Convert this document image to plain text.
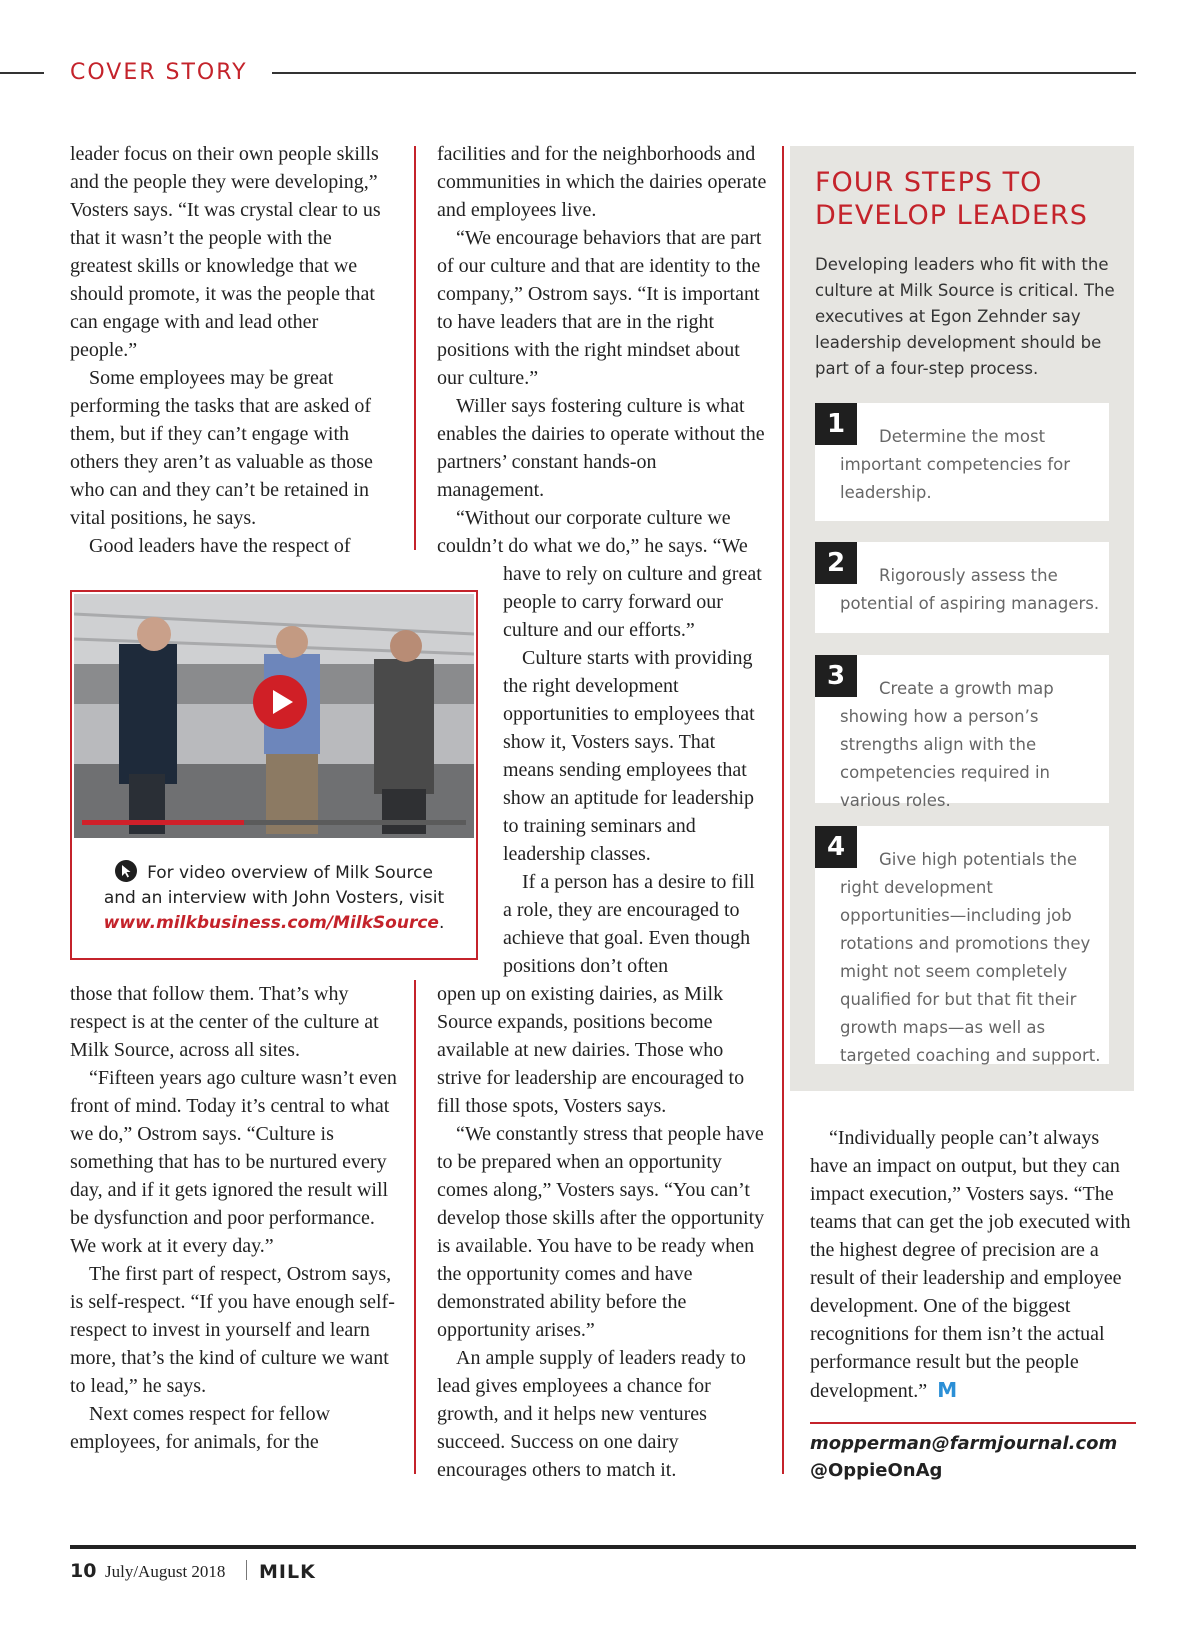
COVER STORY

leader focus on their own people skills and the people they were developing,” Vosters says. “It was crystal clear to us that it wasn’t the people with the greatest skills or knowledge that we should promote, it was the people that can engage with and lead other people.”

Some employees may be great performing the tasks that are asked of them, but if they can’t engage with others they aren’t as valuable as those who can and they can’t be retained in vital positions, he says.

Good leaders have the respect of

For video overview of Milk Source
and an interview with John Vosters, visit
www.milkbusiness.com/MilkSource.

those that follow them. That’s why respect is at the center of the culture at Milk Source, across all sites.

“Fifteen years ago culture wasn’t even front of mind. Today it’s central to what we do,” Ostrom says. “Culture is something that has to be nurtured every day, and if it gets ignored the result will be dysfunction and poor performance. We work at it every day.”

The first part of respect, Ostrom says, is self-respect. “If you have enough self-respect to invest in yourself and learn more, that’s the kind of culture we want to lead,” he says.

Next comes respect for fellow employees, for animals, for the

facilities and for the neighborhoods and communities in which the dairies operate and employees live.

“We encourage behaviors that are part of our culture and that are identity to the company,” Ostrom says. “It is important to have leaders that are in the right positions with the right mindset about our culture.”

Willer says fostering culture is what enables the dairies to operate without the partners’ constant hands-on management.

“Without our corporate culture we couldn’t do what we do,” he says. “We

have to rely on culture and great people to carry forward our culture and our efforts.”

Culture starts with providing the right development opportunities to employees that show it, Vosters says. That means sending employees that show an aptitude for leadership to training seminars and leadership classes.

If a person has a desire to fill a role, they are encouraged to achieve that goal. Even though positions don’t often

open up on existing dairies, as Milk Source expands, positions become available at new dairies. Those who strive for leadership are encouraged to fill those spots, Vosters says.

“We constantly stress that people have to be prepared when an opportunity comes along,” Vosters says. “You can’t develop those skills after the opportunity is available. You have to be ready when the opportunity comes and have demonstrated ability before the opportunity arises.”

An ample supply of leaders ready to lead gives employees a chance for growth, and it helps new ventures succeed. Success on one dairy encourages others to match it.

FOUR STEPS TO
DEVELOP LEADERS
Developing leaders who fit with the culture at Milk Source is critical. The executives at Egon Zehnder say leadership development should be part of a four-step process.
1	Determine the most important competencies for leadership.
2	Rigorously assess the potential of aspiring managers.
3	Create a growth map showing how a person’s strengths align with the competencies required in various roles.
4	Give high potentials the right development opportunities—including job rotations and promotions they might not seem completely qualified for but that fit their growth maps—as well as targeted coaching and support.

“Individually people can’t always have an impact on output, but they can impact execution,” Vosters says. “The teams that can get the job executed with the highest degree of precision are a result of their leadership and employee development. One of the biggest recognitions for them isn’t the actual performance result but the people development.” M

mopperman@farmjournal.com
@OppieOnAg
10 July/August 2018 MILK
